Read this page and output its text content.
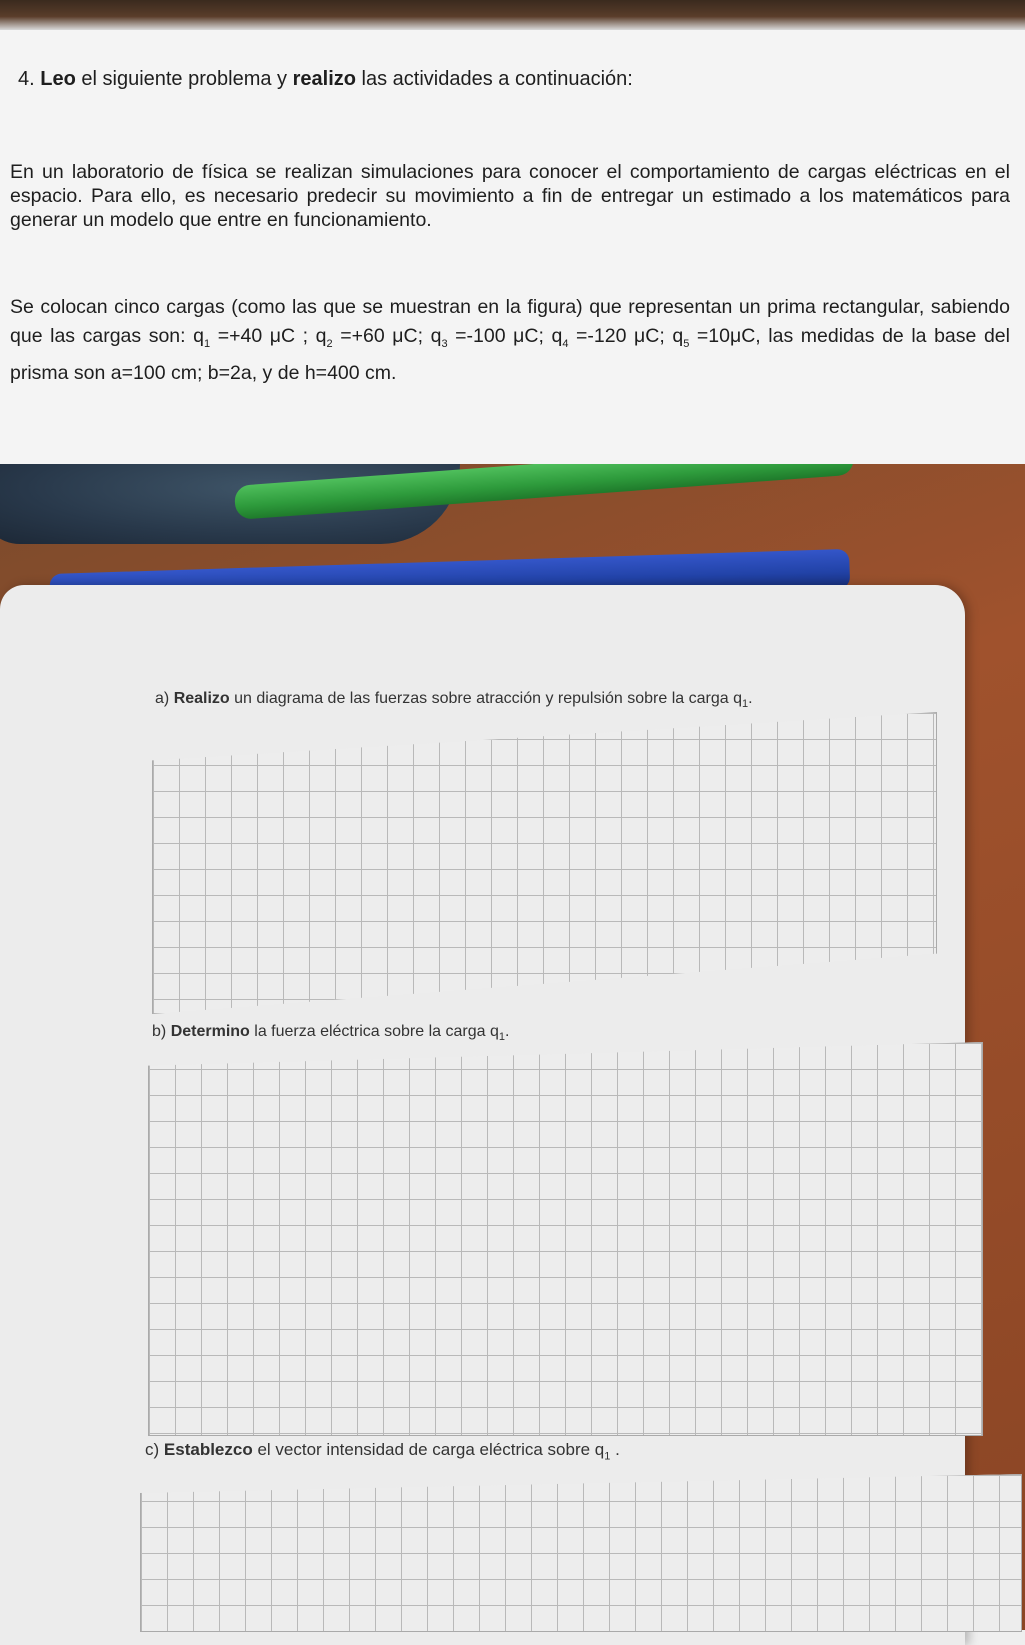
4. Leo el siguiente problema y realizo las actividades a continuación:
En un laboratorio de física se realizan simulaciones para conocer el comportamiento de cargas eléctricas en el espacio. Para ello, es necesario predecir su movimiento a fin de entregar un estimado a los matemáticos para generar un modelo que entre en funcionamiento.
Se colocan cinco cargas (como las que se muestran en la figura) que representan un prima rectangular, sabiendo que las cargas son: $q_1 =+40$ μC ; $q_2 =+60$ μC; $q_3 =-100$ μC; $q_4 =-120$ μC; $q_5 =10\mu C$, las medidas de la base del prisma son a=100 cm; b=2a, y de h=400 cm.
a) Realizo un diagrama de las fuerzas sobre atracción y repulsión sobre la carga $q_1$.
b) Determino la fuerza eléctrica sobre la carga $q_1$.
c) Establezco el vector intensidad de carga eléctrica sobre $q_1$ .
